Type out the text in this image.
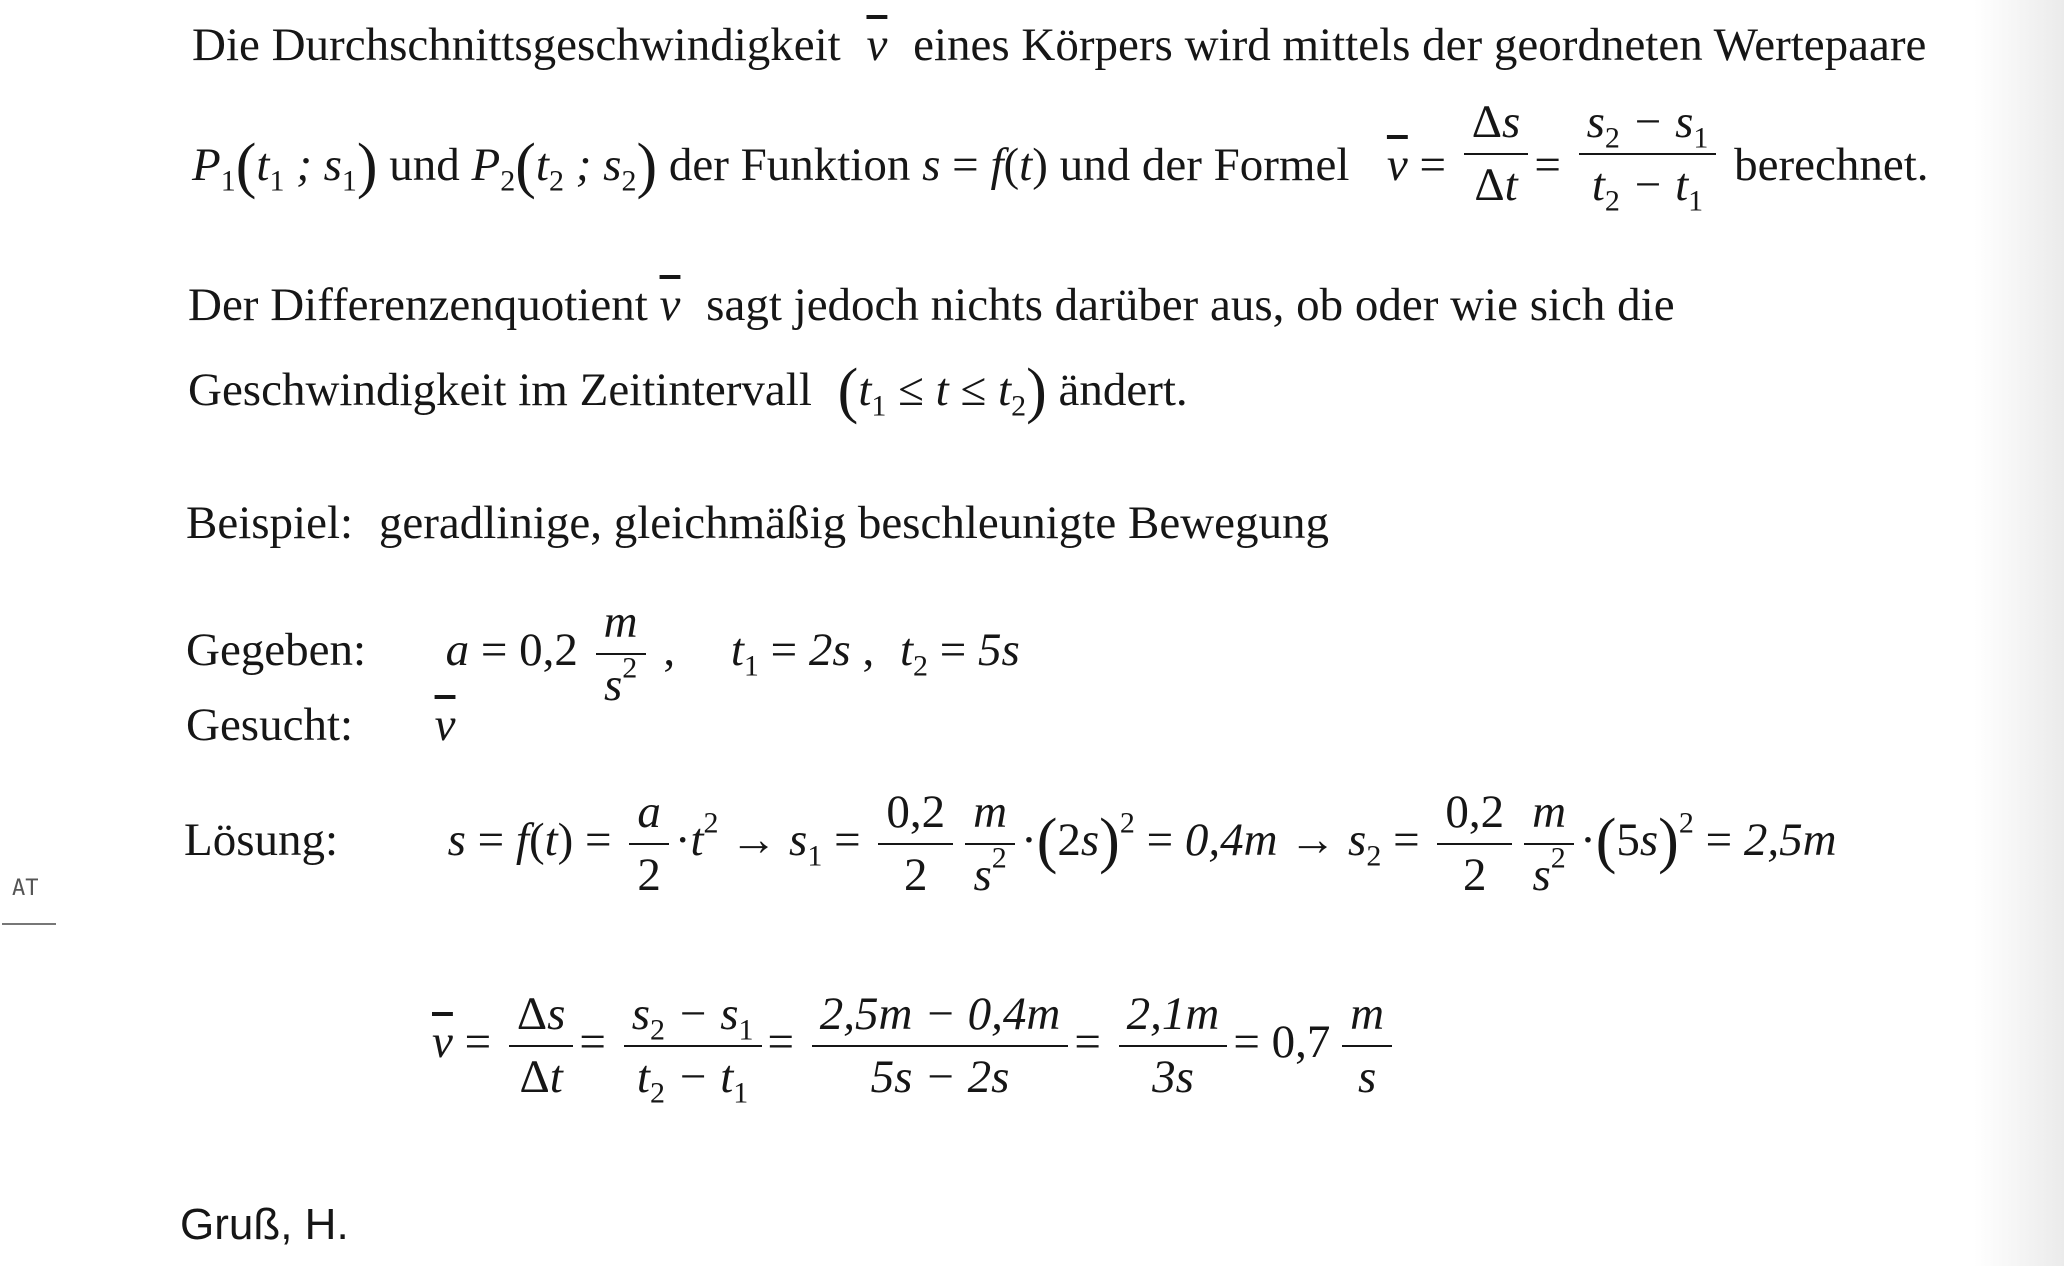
Die Durchschnittsgeschwindigkeit $\overline{v}$ eines Körpers wird mittels der geordneten Wertepaare
$P_1(t_1$ ; $s_1$) und $P_2(t_2$ ; $s_2$) der Funktion s = f(t) und der Formel $\overline{v} = \frac{\Delta s}{\Delta t} = \frac{s_2 - s_1}{t_2 - t_1}$ berechnet.
Der Differenzenquotient $\overline{v}$ sagt jedoch nichts darüber aus, ob oder wie sich die
Geschwindigkeit im Zeitintervall $(t_1 \le t \le t_2)$ ändert.
Beispiel: geradlinige, gleichmäßig beschleunigte Bewegung
Gegeben: $a = 0,2 \frac{m}{s^2}$ , $t_1 = 2s$ , $t_2 = 5s$
Gesucht: $\overline{v}$
Lösung: $s = f(t) = \frac{a}{2} \cdot t^2 \to s_1 = \frac{0,2}{2} \frac{m}{s^2} \cdot(2s)^2 = 0,4m \to s_2 = \frac{0,2}{2} \frac{m}{s^2} \cdot(5s)^2 = 2,5m$
$\overline{v} = \frac{\Delta s}{\Delta t} = \frac{s_2 - s_1}{t_2 - t_1} = \frac{2,5m - 0,4m}{5s - 2s} = \frac{2,1m}{3s} = 0,7 \frac{m}{s}$
Gruß, H.
AT
